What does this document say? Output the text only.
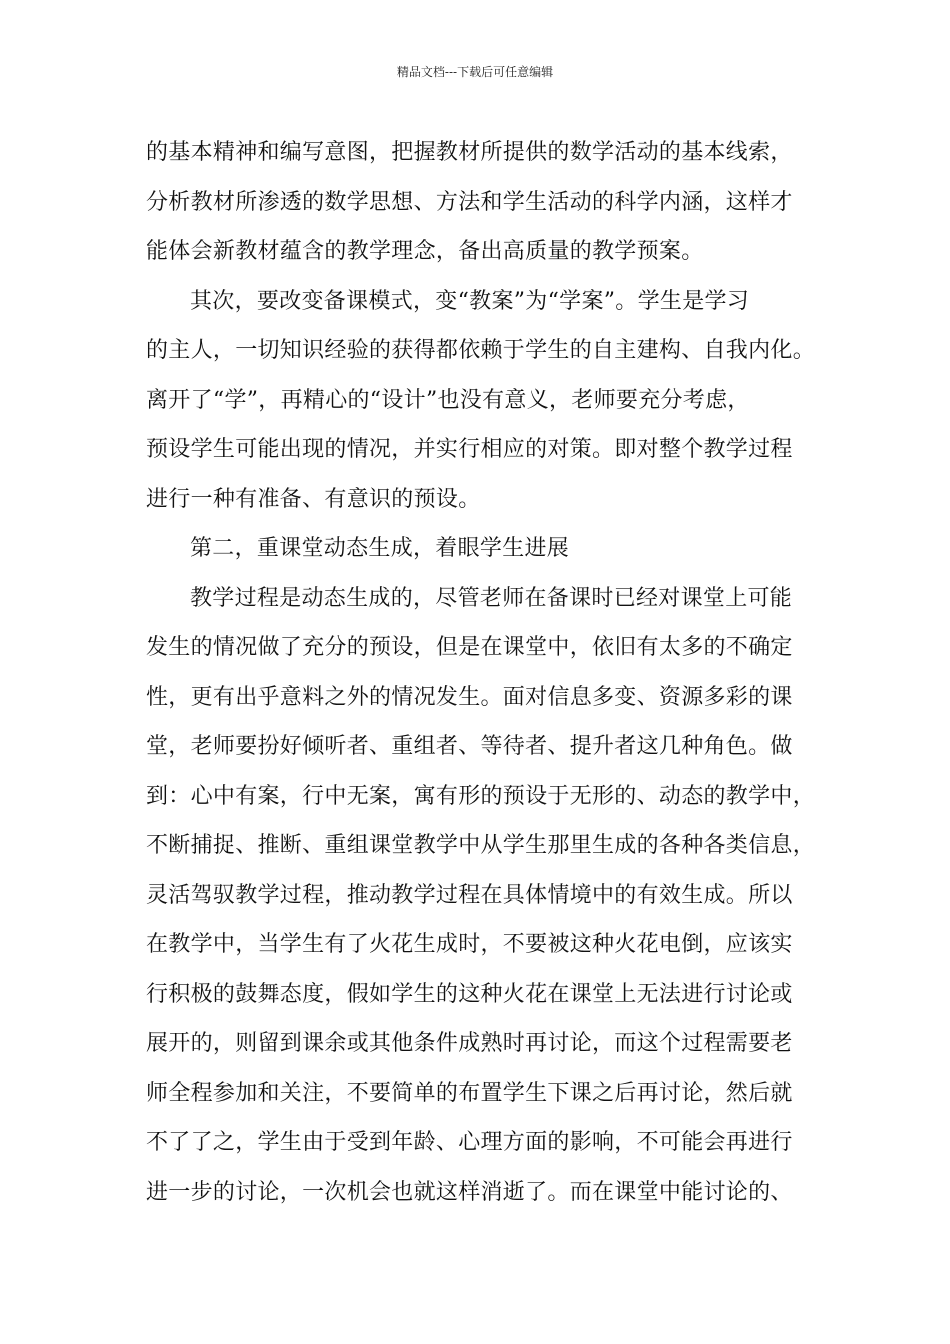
精品文档---下载后可任意编辑
的基本精神和编写意图，把握教材所提供的数学活动的基本线索，
分析教材所渗透的数学思想、方法和学生活动的科学内涵，这样才
能体会新教材蕴含的教学理念，备出高质量的教学预案。
其次，要改变备课模式，变“教案”为“学案”。学生是学习
的主人，一切知识经验的获得都依赖于学生的自主建构、自我内化。
离开了“学”，再精心的“设计”也没有意义，老师要充分考虑，
预设学生可能出现的情况，并实行相应的对策。即对整个教学过程
进行一种有准备、有意识的预设。
第二，重课堂动态生成，着眼学生进展
教学过程是动态生成的，尽管老师在备课时已经对课堂上可能
发生的情况做了充分的预设，但是在课堂中，依旧有太多的不确定
性，更有出乎意料之外的情况发生。面对信息多变、资源多彩的课
堂，老师要扮好倾听者、重组者、等待者、提升者这几种角色。做
到：心中有案，行中无案，寓有形的预设于无形的、动态的教学中，
不断捕捉、推断、重组课堂教学中从学生那里生成的各种各类信息，
灵活驾驭教学过程，推动教学过程在具体情境中的有效生成。所以
在教学中，当学生有了火花生成时，不要被这种火花电倒，应该实
行积极的鼓舞态度，假如学生的这种火花在课堂上无法进行讨论或
展开的，则留到课余或其他条件成熟时再讨论，而这个过程需要老
师全程参加和关注，不要简单的布置学生下课之后再讨论，然后就
不了了之，学生由于受到年龄、心理方面的影响，不可能会再进行
进一步的讨论，一次机会也就这样消逝了。而在课堂中能讨论的、
